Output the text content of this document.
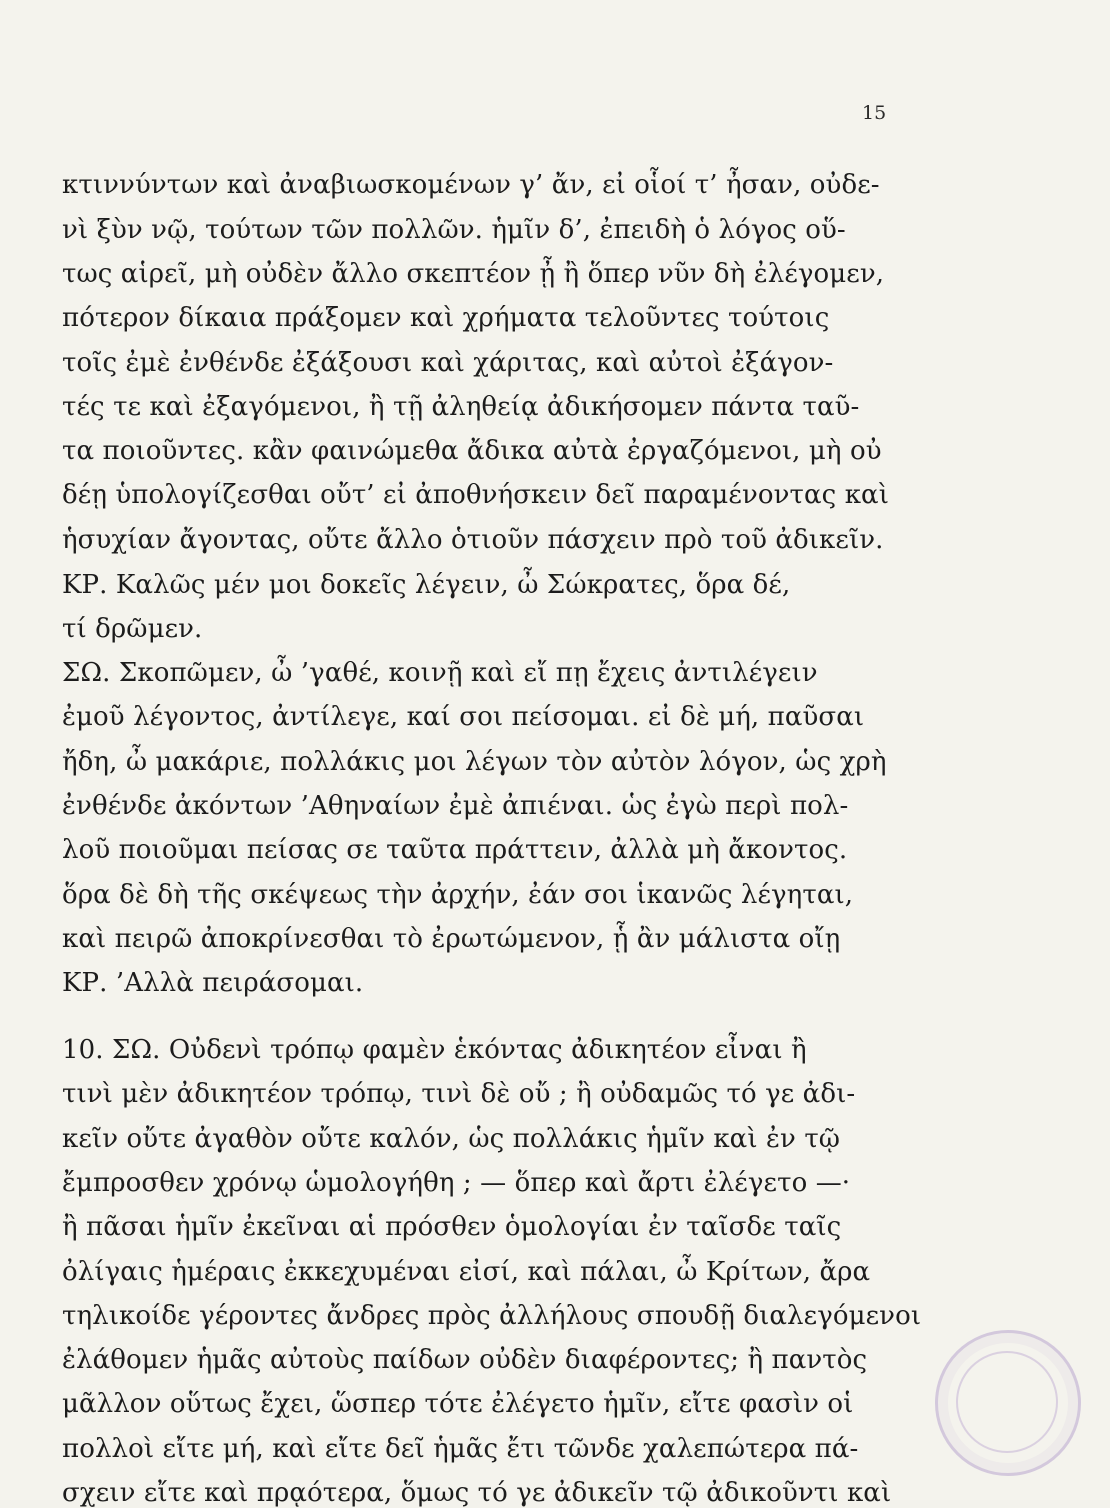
15
κτιννύντων καὶ ἀναβιωσκομένων γ’ ἄν, εἰ οἷοί τ’ ἦσαν, οὐδε-
νὶ ξὺν νῷ, τούτων τῶν πολλῶν. ἡμῖν δ’, ἐπειδὴ ὁ λόγος οὕ-
τως αἱρεῖ, μὴ οὐδὲν ἄλλο σκεπτέον ᾖ ἢ ὅπερ νῦν δὴ ἐλέγομεν,
πότερον δίκαια πράξομεν καὶ χρήματα τελοῦντες τούτοις
τοῖς ἐμὲ ἐνθένδε ἐξάξουσι καὶ χάριτας, καὶ αὐτοὶ ἐξάγον-
τές τε καὶ ἐξαγόμενοι, ἢ τῇ ἀληθείᾳ ἀδικήσομεν πάντα ταῦ-
τα ποιοῦντες. κἂν φαινώμεθα ἄδικα αὐτὰ ἐργαζόμενοι, μὴ οὐ
δέῃ ὑπολογίζεσθαι οὔτ’ εἰ ἀποθνήσκειν δεῖ παραμένοντας καὶ
ἡσυχίαν ἄγοντας, οὔτε ἄλλο ὁτιοῦν πάσχειν πρὸ τοῦ ἀδικεῖν.
ΚΡ. Καλῶς μέν μοι δοκεῖς λέγειν, ὦ Σώκρατες, ὅρα δέ,
τί δρῶμεν.
ΣΩ. Σκοπῶμεν, ὦ ’γαθέ, κοινῇ καὶ εἴ πῃ ἔχεις ἀντιλέγειν
ἐμοῦ λέγοντος, ἀντίλεγε, καί σοι πείσομαι. εἰ δὲ μή, παῦσαι
ἤδη, ὦ μακάριε, πολλάκις μοι λέγων τὸν αὐτὸν λόγον, ὡς χρὴ
ἐνθένδε ἀκόντων ’Αθηναίων ἐμὲ ἀπιέναι. ὡς ἐγὼ περὶ πολ-
λοῦ ποιοῦμαι πείσας σε ταῦτα πράττειν, ἀλλὰ μὴ ἄκοντος.
ὅρα δὲ δὴ τῆς σκέψεως τὴν ἀρχήν, ἐάν σοι ἱκανῶς λέγηται,
καὶ πειρῶ ἀποκρίνεσθαι τὸ ἐρωτώμενον, ᾗ ἂν μάλιστα οἴῃ
ΚΡ. ’Αλλὰ πειράσομαι.
10. ΣΩ. Οὐδενὶ τρόπῳ φαμὲν ἑκόντας ἀδικητέον εἶναι ἢ
τινὶ μὲν ἀδικητέον τρόπῳ, τινὶ δὲ οὔ ; ἢ οὐδαμῶς τό γε ἀδι-
κεῖν οὔτε ἀγαθὸν οὔτε καλόν, ὡς πολλάκις ἡμῖν καὶ ἐν τῷ
ἔμπροσθεν χρόνῳ ὡμολογήθη ; — ὅπερ καὶ ἄρτι ἐλέγετο —·
ἢ πᾶσαι ἡμῖν ἐκεῖναι αἱ πρόσθεν ὁμολογίαι ἐν ταῖσδε ταῖς
ὀλίγαις ἡμέραις ἐκκεχυμέναι εἰσί, καὶ πάλαι, ὦ Κρίτων, ἄρα
τηλικοίδε γέροντες ἄνδρες πρὸς ἀλλήλους σπουδῇ διαλεγόμενοι
ἐλάθομεν ἡμᾶς αὐτοὺς παίδων οὐδὲν διαφέροντες; ἢ παντὸς
μᾶλλον οὕτως ἔχει, ὥσπερ τότε ἐλέγετο ἡμῖν, εἴτε φασὶν οἱ
πολλοὶ εἴτε μή, καὶ εἴτε δεῖ ἡμᾶς ἔτι τῶνδε χαλεπώτερα πά-
σχειν εἴτε καὶ πρᾳότερα, ὅμως τό γε ἀδικεῖν τῷ ἀδικοῦντι καὶ
